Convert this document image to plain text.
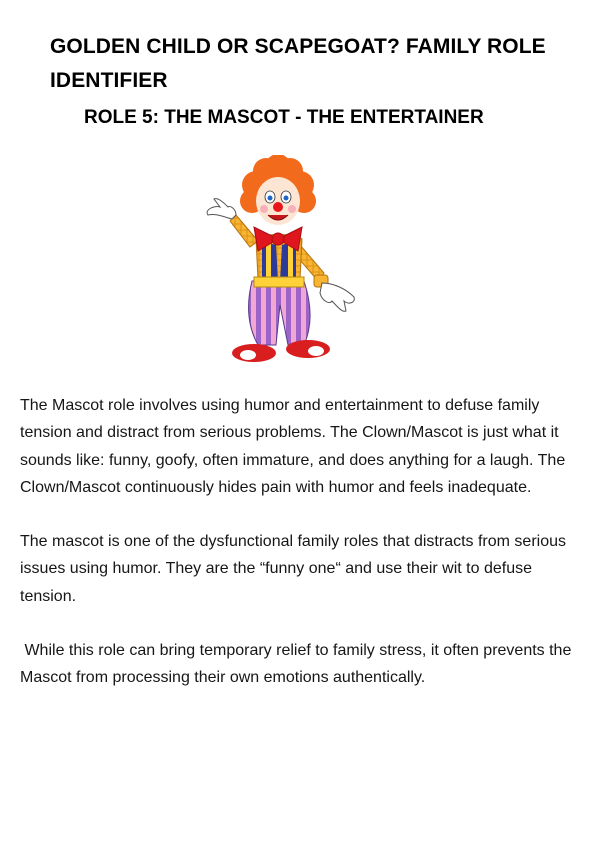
GOLDEN CHILD OR SCAPEGOAT? FAMILY ROLE IDENTIFIER
ROLE 5: THE MASCOT - THE ENTERTAINER

The Mascot role involves using humor and entertainment to defuse family tension and distract from serious problems. The Clown/Mascot is just what it sounds like: funny, goofy, often immature, and does anything for a laugh. The Clown/Mascot continuously hides pain with humor and feels inadequate.

The mascot is one of the dysfunctional family roles that distracts from serious issues using humor. They are the “funny one“ and use their wit to defuse tension.

While this role can bring temporary relief to family stress, it often prevents the Mascot from processing their own emotions authentically.
